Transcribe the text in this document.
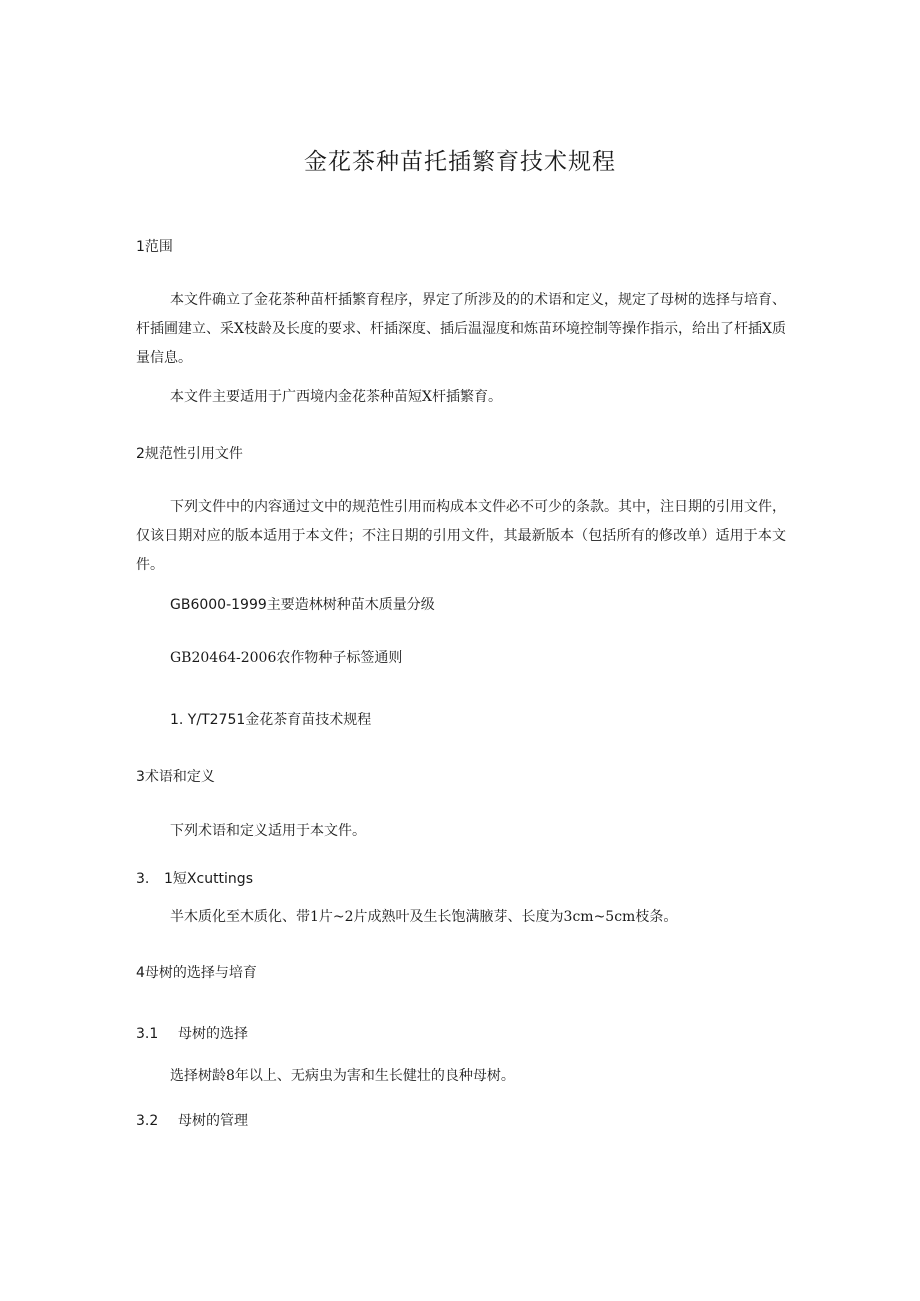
金花茶种苗托插繁育技术规程
1范围
本文件确立了金花茶种苗杆插繁育程序，界定了所涉及的的术语和定义，规定了母树的选择与培育、杆插圃建立、采X枝龄及长度的要求、杆插深度、插后温湿度和炼苗环境控制等操作指示，给出了杆插X质量信息。
本文件主要适用于广西境内金花茶种苗短X杆插繁育。
2规范性引用文件
下列文件中的内容通过文中的规范性引用而构成本文件必不可少的条款。其中，注日期的引用文件，仅该日期对应的版本适用于本文件；不注日期的引用文件，其最新版本（包括所有的修改单）适用于本文件。
GB6000-1999主要造林树种苗木质量分级
GB20464-2006农作物种子标签通则
1. Y/T2751金花茶育苗技术规程
3术语和定义
下列术语和定义适用于本文件。
3. 1短Xcuttings
半木质化至木质化、带1片~2片成熟叶及生长饱满腋芽、长度为3cm~5cm枝条。
4母树的选择与培育
3.1 母树的选择
选择树龄8年以上、无病虫为害和生长健壮的良种母树。
3.2 母树的管理
